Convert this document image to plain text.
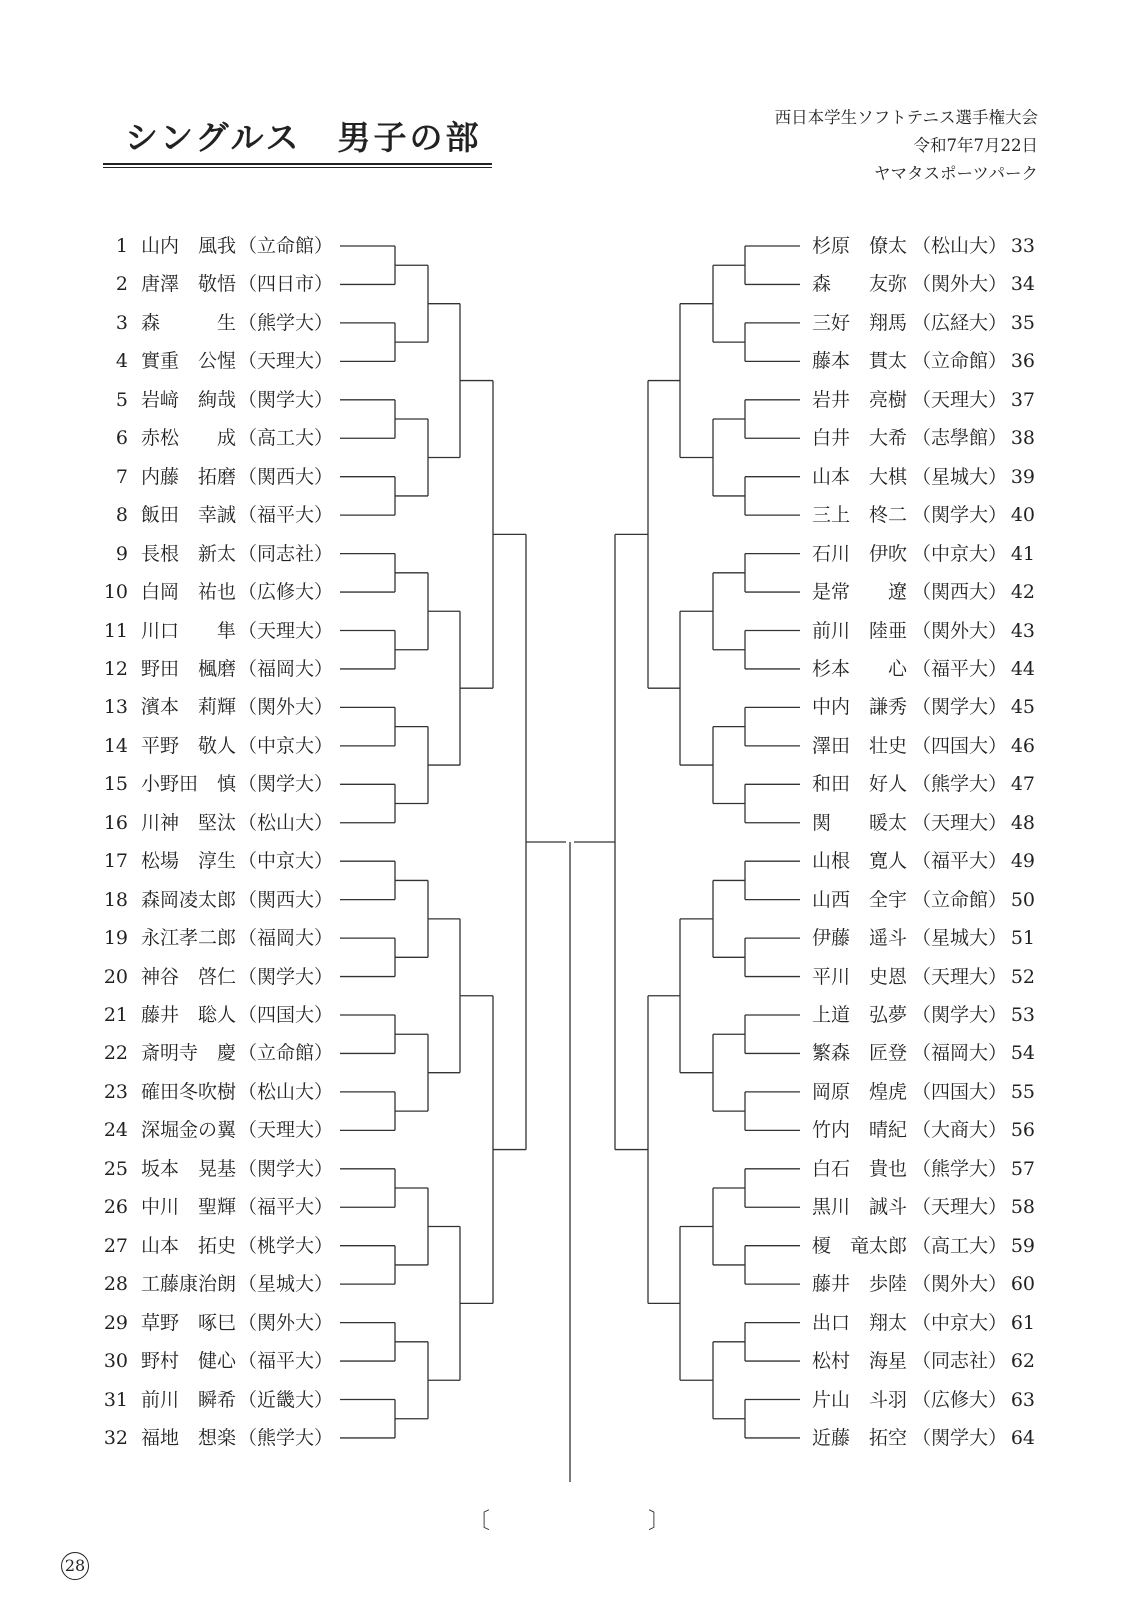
シングルス　男子の部
西日本学生ソフトテニス選手権大会
令和7年7月22日
ヤマタスポーツパーク
1 山内　風我 （立命館）
2 唐澤　敬悟 （四日市）
3 森　　　生 （熊学大）
4 實重　公惺 （天理大）
5 岩﨑　絢哉 （関学大）
6 赤松　　成 （高工大）
7 内藤　拓磨 （関西大）
8 飯田　幸誠 （福平大）
9 長根　新太 （同志社）
10 白岡　祐也 （広修大）
11 川口　　隼 （天理大）
12 野田　楓磨 （福岡大）
13 濱本　莉輝 （関外大）
14 平野　敬人 （中京大）
15 小野田　慎 （関学大）
16 川神　堅汰 （松山大）
17 松場　淳生 （中京大）
18 森岡凌太郎 （関西大）
19 永江孝二郎 （福岡大）
20 神谷　啓仁 （関学大）
21 藤井　聡人 （四国大）
22 斎明寺　慶 （立命館）
23 確田冬吹樹 （松山大）
24 深堀金の翼 （天理大）
25 坂本　晃基 （関学大）
26 中川　聖輝 （福平大）
27 山本　拓史 （桃学大）
28 工藤康治朗 （星城大）
29 草野　啄巳 （関外大）
30 野村　健心 （福平大）
31 前川　瞬希 （近畿大）
32 福地　想楽 （熊学大）
杉原　僚太 （松山大） 33
森　　友弥 （関外大） 34
三好　翔馬 （広経大） 35
藤本　貫太 （立命館） 36
岩井　亮樹 （天理大） 37
白井　大希 （志學館） 38
山本　大棋 （星城大） 39
三上　柊二 （関学大） 40
石川　伊吹 （中京大） 41
是常　　遼 （関西大） 42
前川　陸亜 （関外大） 43
杉本　　心 （福平大） 44
中内　謙秀 （関学大） 45
澤田　壮史 （四国大） 46
和田　好人 （熊学大） 47
関　　暖太 （天理大） 48
山根　寛人 （福平大） 49
山西　全宇 （立命館） 50
伊藤　遥斗 （星城大） 51
平川　史恩 （天理大） 52
上道　弘夢 （関学大） 53
繁森　匠登 （福岡大） 54
岡原　煌虎 （四国大） 55
竹内　晴紀 （大商大） 56
白石　貴也 （熊学大） 57
黒川　誠斗 （天理大） 58
榎　竜太郎 （高工大） 59
藤井　歩陸 （関外大） 60
出口　翔太 （中京大） 61
松村　海星 （同志社） 62
片山　斗羽 （広修大） 63
近藤　拓空 （関学大） 64
〔	〕
28
